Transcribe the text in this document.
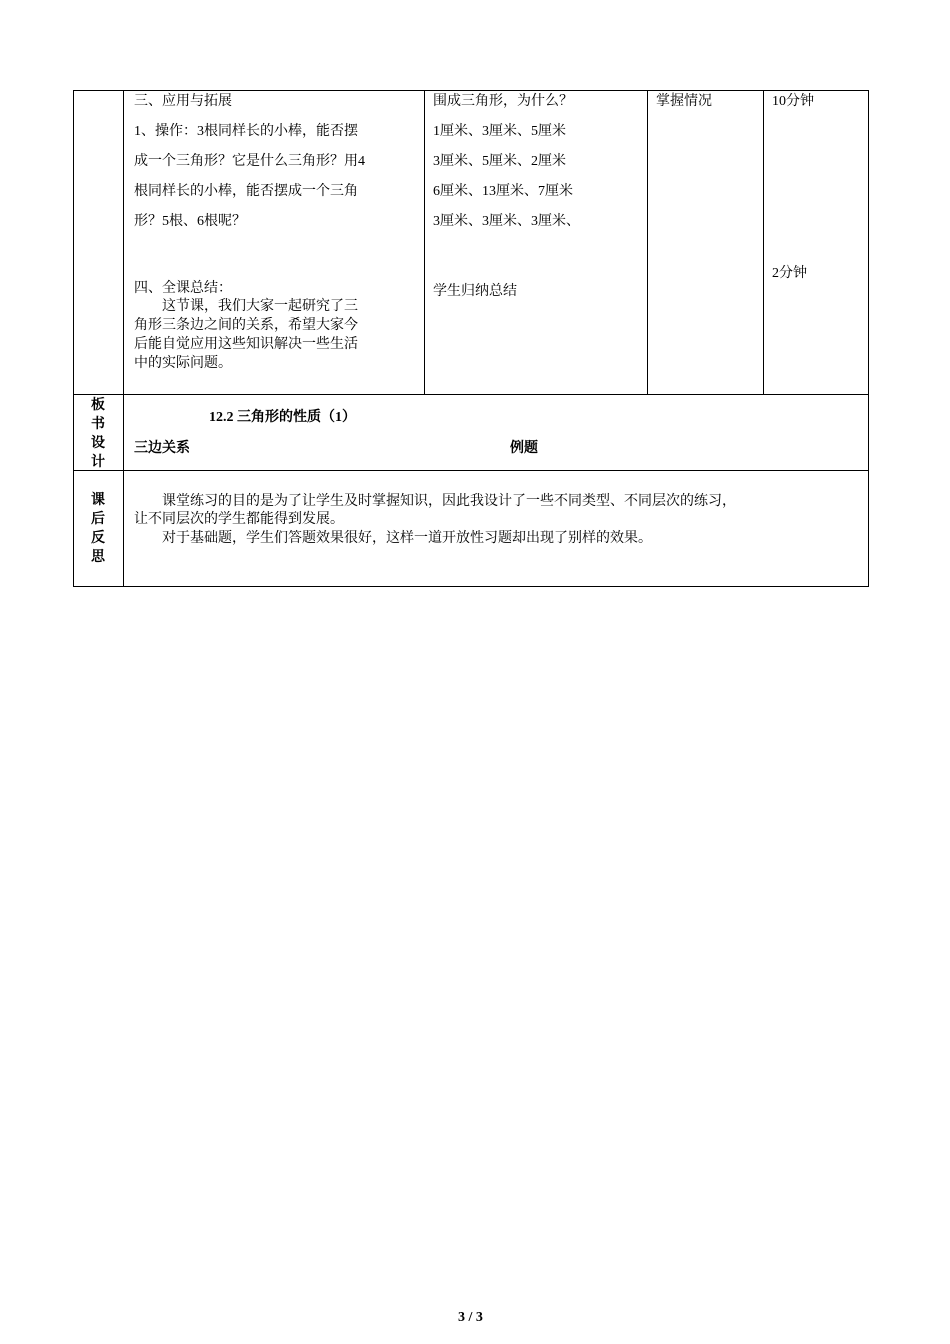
三、应用与拓展
1、操作：3根同样长的小棒，能否摆
成一个三角形？它是什么三角形？用4
根同样长的小棒，能否摆成一个三角
形？5根、6根呢？
四、全课总结：
　　这节课，我们大家一起研究了三
角形三条边之间的关系，希望大家今
后能自觉应用这些知识解决一些生活
中的实际问题。
围成三角形，为什么？
1厘米、3厘米、5厘米
3厘米、5厘米、2厘米
6厘米、13厘米、7厘米
3厘米、3厘米、3厘米、
学生归纳总结
掌握情况	10分钟
2分钟
板
书
设
计
12.2 三角形的性质（1）
三边关系	例题
课
后
反
思
　　课堂练习的目的是为了让学生及时掌握知识，因此我设计了一些不同类型、不同层次的练习，
让不同层次的学生都能得到发展。
　　对于基础题，学生们答题效果很好，这样一道开放性习题却出现了别样的效果。
3 / 3
